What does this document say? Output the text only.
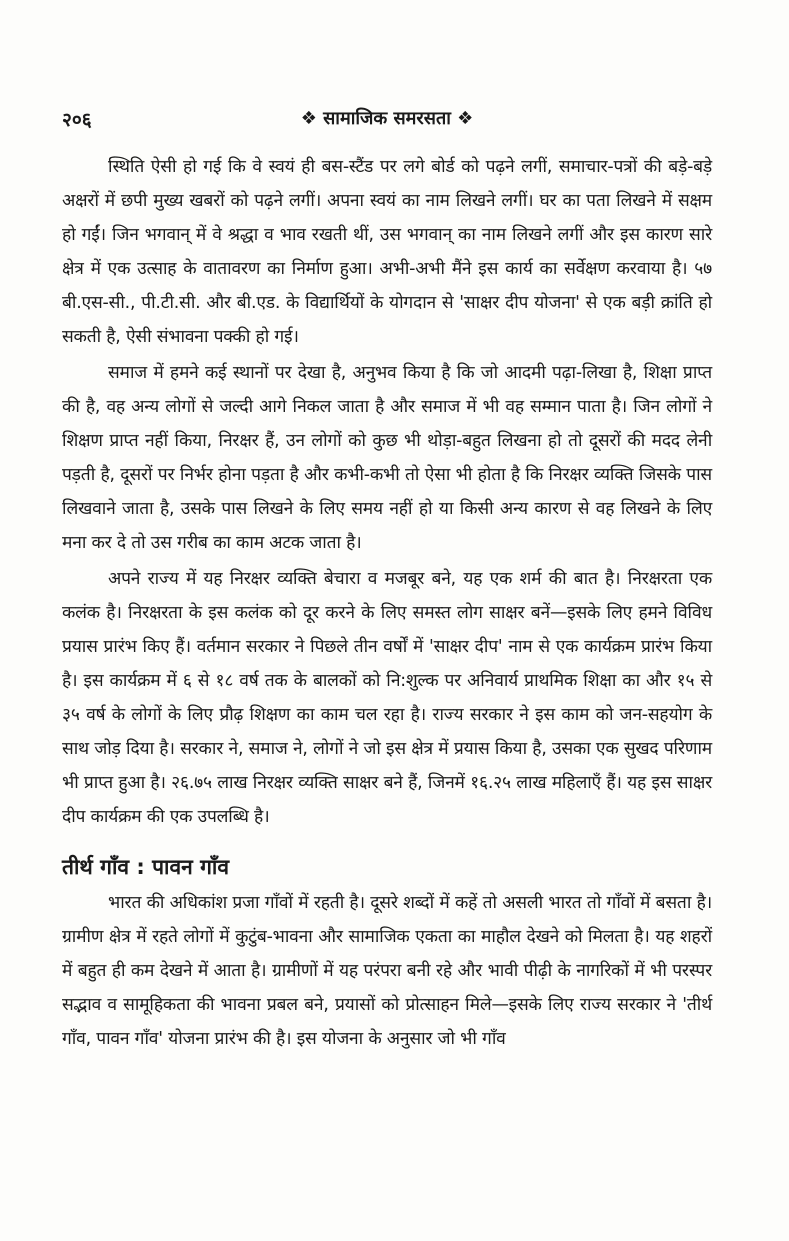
२०६	❖ सामाजिक समरसता ❖

स्थिति ऐसी हो गई कि वे स्वयं ही बस-स्टैंड पर लगे बोर्ड को पढ़ने लगीं, समाचार-पत्रों की बड़े-बड़े अक्षरों में छपी मुख्य खबरों को पढ़ने लगीं। अपना स्वयं का नाम लिखने लगीं। घर का पता लिखने में सक्षम हो गईं। जिन भगवान् में वे श्रद्धा व भाव रखती थीं, उस भगवान् का नाम लिखने लगीं और इस कारण सारे क्षेत्र में एक उत्साह के वातावरण का निर्माण हुआ। अभी-अभी मैंने इस कार्य का सर्वेक्षण करवाया है। ५७ बी.एस-सी., पी.टी.सी. और बी.एड. के विद्यार्थियों के योगदान से 'साक्षर दीप योजना' से एक बड़ी क्रांति हो सकती है, ऐसी संभावना पक्की हो गई।

समाज में हमने कई स्थानों पर देखा है, अनुभव किया है कि जो आदमी पढ़ा-लिखा है, शिक्षा प्राप्त की है, वह अन्य लोगों से जल्दी आगे निकल जाता है और समाज में भी वह सम्मान पाता है। जिन लोगों ने शिक्षण प्राप्त नहीं किया, निरक्षर हैं, उन लोगों को कुछ भी थोड़ा-बहुत लिखना हो तो दूसरों की मदद लेनी पड़ती है, दूसरों पर निर्भर होना पड़ता है और कभी-कभी तो ऐसा भी होता है कि निरक्षर व्यक्ति जिसके पास लिखवाने जाता है, उसके पास लिखने के लिए समय नहीं हो या किसी अन्य कारण से वह लिखने के लिए मना कर दे तो उस गरीब का काम अटक जाता है।

अपने राज्य में यह निरक्षर व्यक्ति बेचारा व मजबूर बने, यह एक शर्म की बात है। निरक्षरता एक कलंक है। निरक्षरता के इस कलंक को दूर करने के लिए समस्त लोग साक्षर बनें—इसके लिए हमने विविध प्रयास प्रारंभ किए हैं। वर्तमान सरकार ने पिछले तीन वर्षों में 'साक्षर दीप' नाम से एक कार्यक्रम प्रारंभ किया है। इस कार्यक्रम में ६ से १८ वर्ष तक के बालकों को नि:शुल्क पर अनिवार्य प्राथमिक शिक्षा का और १५ से ३५ वर्ष के लोगों के लिए प्रौढ़ शिक्षण का काम चल रहा है। राज्य सरकार ने इस काम को जन-सहयोग के साथ जोड़ दिया है। सरकार ने, समाज ने, लोगों ने जो इस क्षेत्र में प्रयास किया है, उसका एक सुखद परिणाम भी प्राप्त हुआ है। २६.७५ लाख निरक्षर व्यक्ति साक्षर बने हैं, जिनमें १६.२५ लाख महिलाएँ हैं। यह इस साक्षर दीप कार्यक्रम की एक उपलब्धि है।

तीर्थ गाँव : पावन गाँव

भारत की अधिकांश प्रजा गाँवों में रहती है। दूसरे शब्दों में कहें तो असली भारत तो गाँवों में बसता है। ग्रामीण क्षेत्र में रहते लोगों में कुटुंब-भावना और सामाजिक एकता का माहौल देखने को मिलता है। यह शहरों में बहुत ही कम देखने में आता है। ग्रामीणों में यह परंपरा बनी रहे और भावी पीढ़ी के नागरिकों में भी परस्पर सद्भाव व सामूहिकता की भावना प्रबल बने, प्रयासों को प्रोत्साहन मिले—इसके लिए राज्य सरकार ने 'तीर्थ गाँव, पावन गाँव' योजना प्रारंभ की है। इस योजना के अनुसार जो भी गाँव
